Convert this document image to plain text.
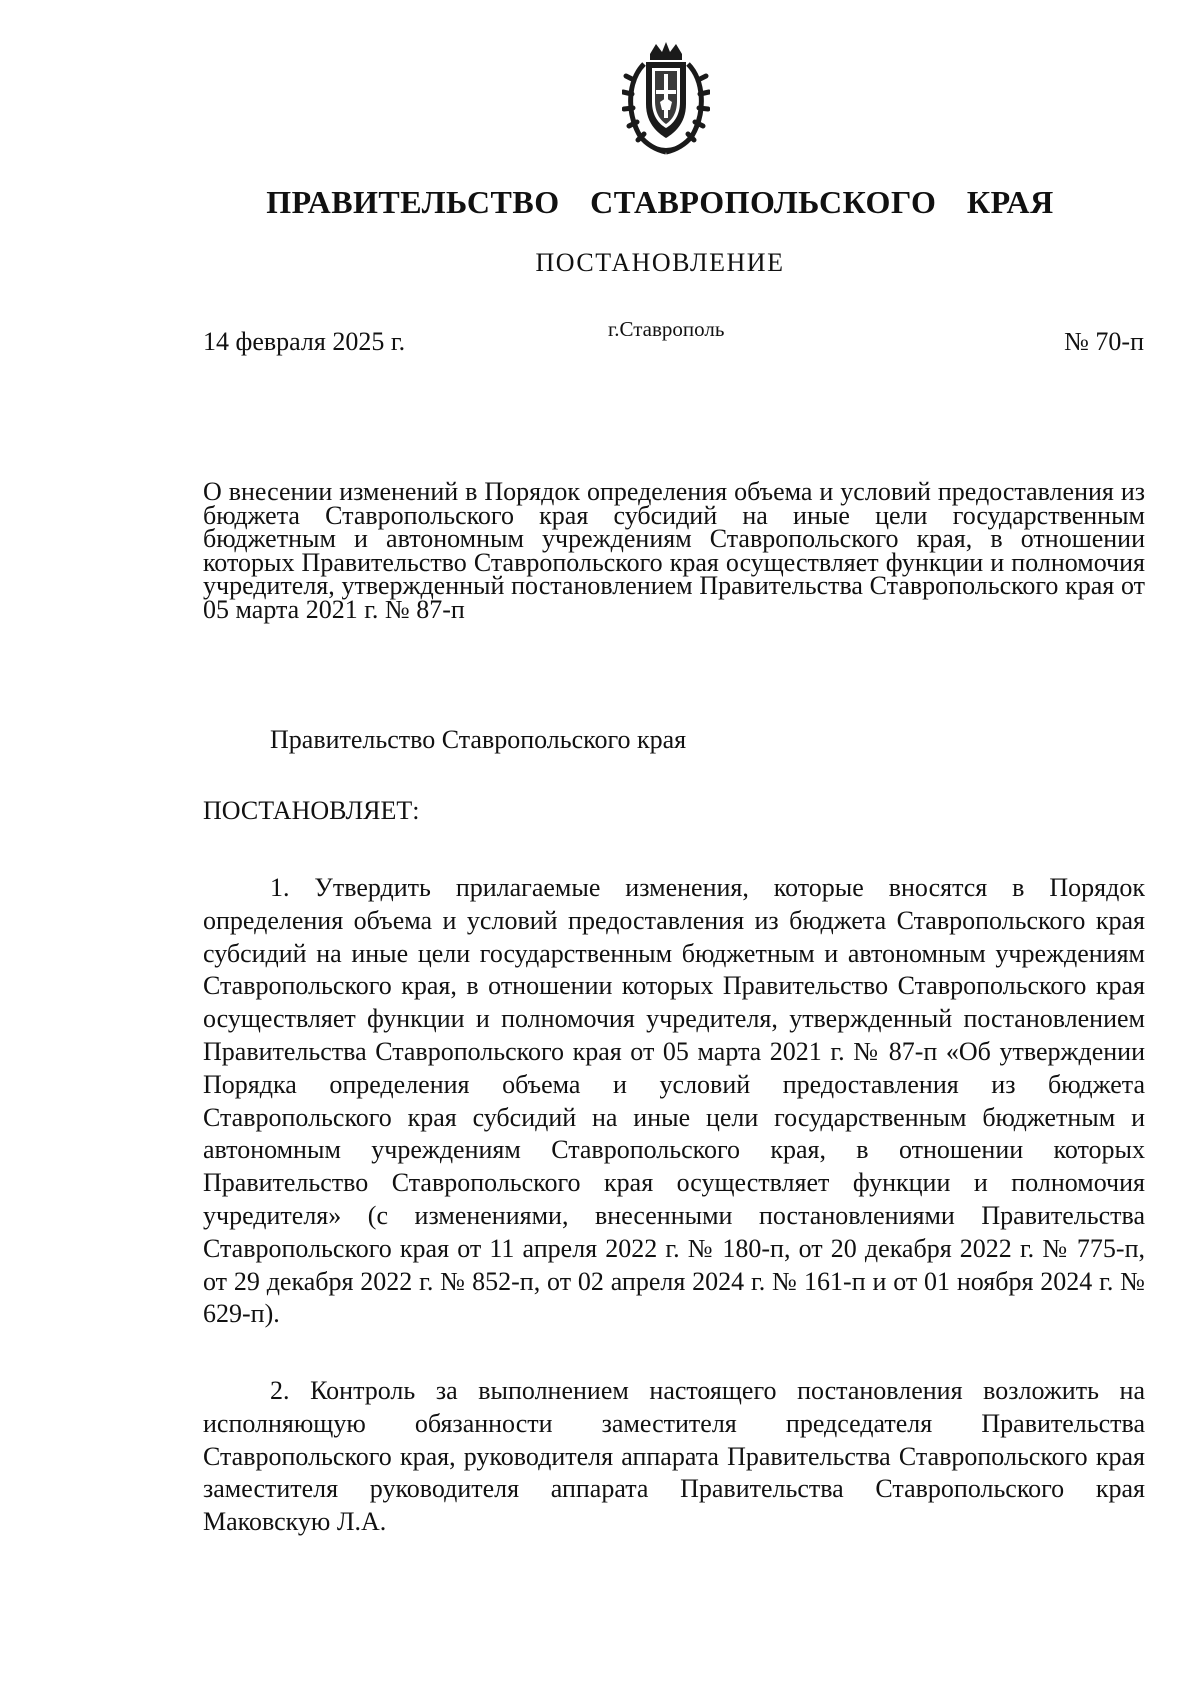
ПРАВИТЕЛЬСТВО СТАВРОПОЛЬСКОГО КРАЯ
ПОСТАНОВЛЕНИЕ
14 февраля 2025 г.	г.Ставрополь	№ 70-п
О внесении изменений в Порядок определения объема и условий предоставления из бюджета Ставропольского края субсидий на иные цели государственным бюджетным и автономным учреждениям Ставропольского края, в отношении которых Правительство Ставропольского края осуществляет функции и полномочия учредителя, утвержденный постановлением Правительства Ставропольского края от 05 марта 2021 г. № 87-п
Правительство Ставропольского края
ПОСТАНОВЛЯЕТ:

1. Утвердить прилагаемые изменения, которые вносятся в Порядок определения объема и условий предоставления из бюджета Ставропольского края субсидий на иные цели государственным бюджетным и автономным учреждениям Ставропольского края, в отношении которых Правительство Ставропольского края осуществляет функции и полномочия учредителя, утвержденный постановлением Правительства Ставропольского края от 05 марта 2021 г. № 87-п «Об утверждении Порядка определения объема и условий предоставления из бюджета Ставропольского края субсидий на иные цели государственным бюджетным и автономным учреждениям Ставропольского края, в отношении которых Правительство Ставропольского края осуществляет функции и полномочия учредителя» (с изменениями, внесенными постановлениями Правительства Ставропольского края от 11 апреля 2022 г. № 180-п, от 20 декабря 2022 г. № 775-п, от 29 декабря 2022 г. № 852-п, от 02 апреля 2024 г. № 161-п и от 01 ноября 2024 г. № 629-п).

2. Контроль за выполнением настоящего постановления возложить на исполняющую обязанности заместителя председателя Правительства Ставропольского края, руководителя аппарата Правительства Ставропольского края заместителя руководителя аппарата Правительства Ставропольского края Маковскую Л.А.
